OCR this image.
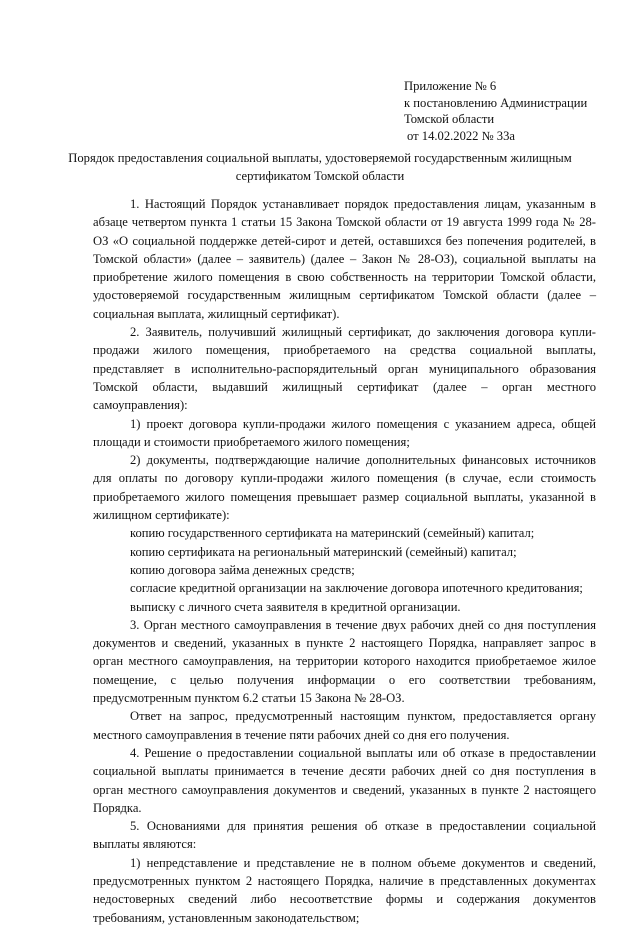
Приложение № 6
к постановлению Администрации
Томской области
от 14.02.2022 № 33а
Порядок предоставления социальной выплаты, удостоверяемой государственным жилищным сертификатом Томской области

1. Настоящий Порядок устанавливает порядок предоставления лицам, указанным в абзаце четвертом пункта 1 статьи 15 Закона Томской области от 19 августа 1999 года № 28-ОЗ «О социальной поддержке детей-сирот и детей, оставшихся без попечения родителей, в Томской области» (далее – заявитель) (далее – Закон № 28-ОЗ), социальной выплаты на приобретение жилого помещения в свою собственность на территории Томской области, удостоверяемой государственным жилищным сертификатом Томской области (далее – социальная выплата, жилищный сертификат).

2. Заявитель, получивший жилищный сертификат, до заключения договора купли-продажи жилого помещения, приобретаемого на средства социальной выплаты, представляет в исполнительно-распорядительный орган муниципального образования Томской области, выдавший жилищный сертификат (далее – орган местного самоуправления):

1) проект договора купли-продажи жилого помещения с указанием адреса, общей площади и стоимости приобретаемого жилого помещения;

2) документы, подтверждающие наличие дополнительных финансовых источников для оплаты по договору купли-продажи жилого помещения (в случае, если стоимость приобретаемого жилого помещения превышает размер социальной выплаты, указанной в жилищном сертификате):

копию государственного сертификата на материнский (семейный) капитал;

копию сертификата на региональный материнский (семейный) капитал;

копию договора займа денежных средств;

согласие кредитной организации на заключение договора ипотечного кредитования;

выписку с личного счета заявителя в кредитной организации.

3. Орган местного самоуправления в течение двух рабочих дней со дня поступления документов и сведений, указанных в пункте 2 настоящего Порядка, направляет запрос в орган местного самоуправления, на территории которого находится приобретаемое жилое помещение, с целью получения информации о его соответствии требованиям, предусмотренным пунктом 6.2 статьи 15 Закона № 28-ОЗ.

Ответ на запрос, предусмотренный настоящим пунктом, предоставляется органу местного самоуправления в течение пяти рабочих дней со дня его получения.

4. Решение о предоставлении социальной выплаты или об отказе в предоставлении социальной выплаты принимается в течение десяти рабочих дней со дня поступления в орган местного самоуправления документов и сведений, указанных в пункте 2 настоящего Порядка.

5. Основаниями для принятия решения об отказе в предоставлении социальной выплаты являются:

1) непредставление и представление не в полном объеме документов и сведений, предусмотренных пунктом 2 настоящего Порядка, наличие в представленных документах недостоверных сведений либо несоответствие формы и содержания документов требованиям, установленным законодательством;
